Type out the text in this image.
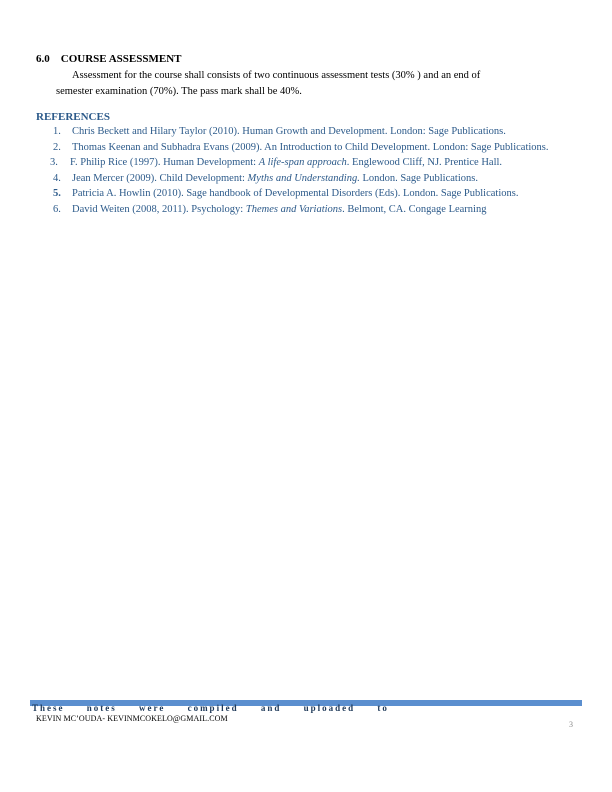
6.0 COURSE ASSESSMENT

Assessment for the course shall consists of two continuous assessment tests (30% ) and an end of

semester examination (70%). The pass mark shall be 40%.

REFERENCES
1. Chris Beckett and Hilary Taylor (2010). Human Growth and Development. London: Sage Publications.
2. Thomas Keenan and Subhadra Evans (2009). An Introduction to Child Development. London: Sage Publications.
3. F. Philip Rice (1997). Human Development: A life-span approach. Englewood Cliff, NJ. Prentice Hall.
4. Jean Mercer (2009). Child Development: Myths and Understanding. London. Sage Publications.
5. Patricia A. Howlin (2010). Sage handbook of Developmental Disorders (Eds). London. Sage Publications.
6. David Weiten (2008, 2011). Psychology: Themes and Variations. Belmont, CA. Congage Learning
These notes were compiled and uploaded to
KEVIN MC’OUDA- KEVINMCOKELO@GMAIL.COM
3
